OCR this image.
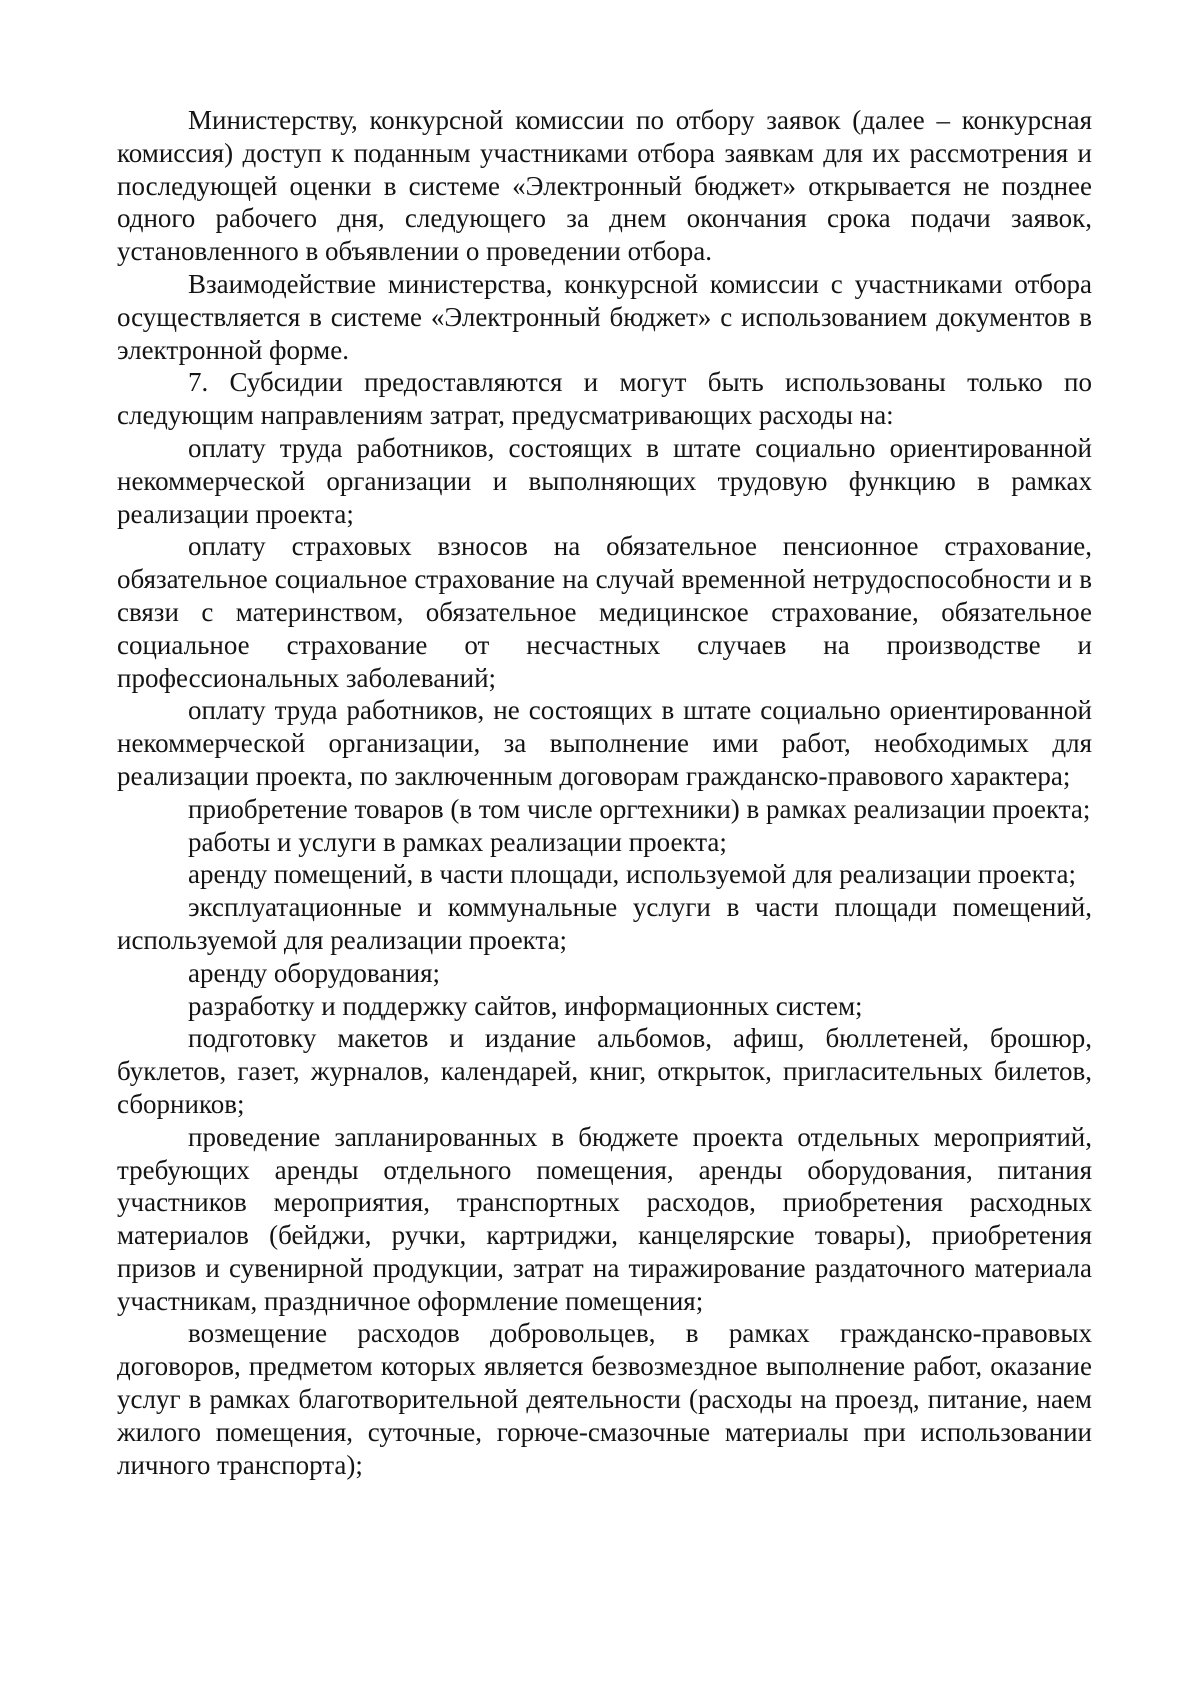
Министерству, конкурсной комиссии по отбору заявок (далее – конкурсная комиссия) доступ к поданным участниками отбора заявкам для их рассмотрения и последующей оценки в системе «Электронный бюджет» открывается не позднее одного рабочего дня, следующего за днем окончания срока подачи заявок, установленного в объявлении о проведении отбора.

Взаимодействие министерства, конкурсной комиссии с участниками отбора осуществляется в системе «Электронный бюджет» с использованием документов в электронной форме.

7. Субсидии предоставляются и могут быть использованы только по следующим направлениям затрат, предусматривающих расходы на:

оплату труда работников, состоящих в штате социально ориентированной некоммерческой организации и выполняющих трудовую функцию в рамках реализации проекта;

оплату страховых взносов на обязательное пенсионное страхование, обязательное социальное страхование на случай временной нетрудоспособности и в связи с материнством, обязательное медицинское страхование, обязательное социальное страхование от несчастных случаев на производстве и профессиональных заболеваний;

оплату труда работников, не состоящих в штате социально ориентированной некоммерческой организации, за выполнение ими работ, необходимых для реализации проекта, по заключенным договорам гражданско-правового характера;

приобретение товаров (в том числе оргтехники) в рамках реализации проекта;

работы и услуги в рамках реализации проекта;

аренду помещений, в части площади, используемой для реализации проекта;

эксплуатационные и коммунальные услуги в части площади помещений, используемой для реализации проекта;

аренду оборудования;

разработку и поддержку сайтов, информационных систем;

подготовку макетов и издание альбомов, афиш, бюллетеней, брошюр, буклетов, газет, журналов, календарей, книг, открыток, пригласительных билетов, сборников;

проведение запланированных в бюджете проекта отдельных мероприятий, требующих аренды отдельного помещения, аренды оборудования, питания участников мероприятия, транспортных расходов, приобретения расходных материалов (бейджи, ручки, картриджи, канцелярские товары), приобретения призов и сувенирной продукции, затрат на тиражирование раздаточного материала участникам, праздничное оформление помещения;

возмещение расходов добровольцев, в рамках гражданско-правовых договоров, предметом которых является безвозмездное выполнение работ, оказание услуг в рамках благотворительной деятельности (расходы на проезд, питание, наем жилого помещения, суточные, горюче-смазочные материалы при использовании личного транспорта);
